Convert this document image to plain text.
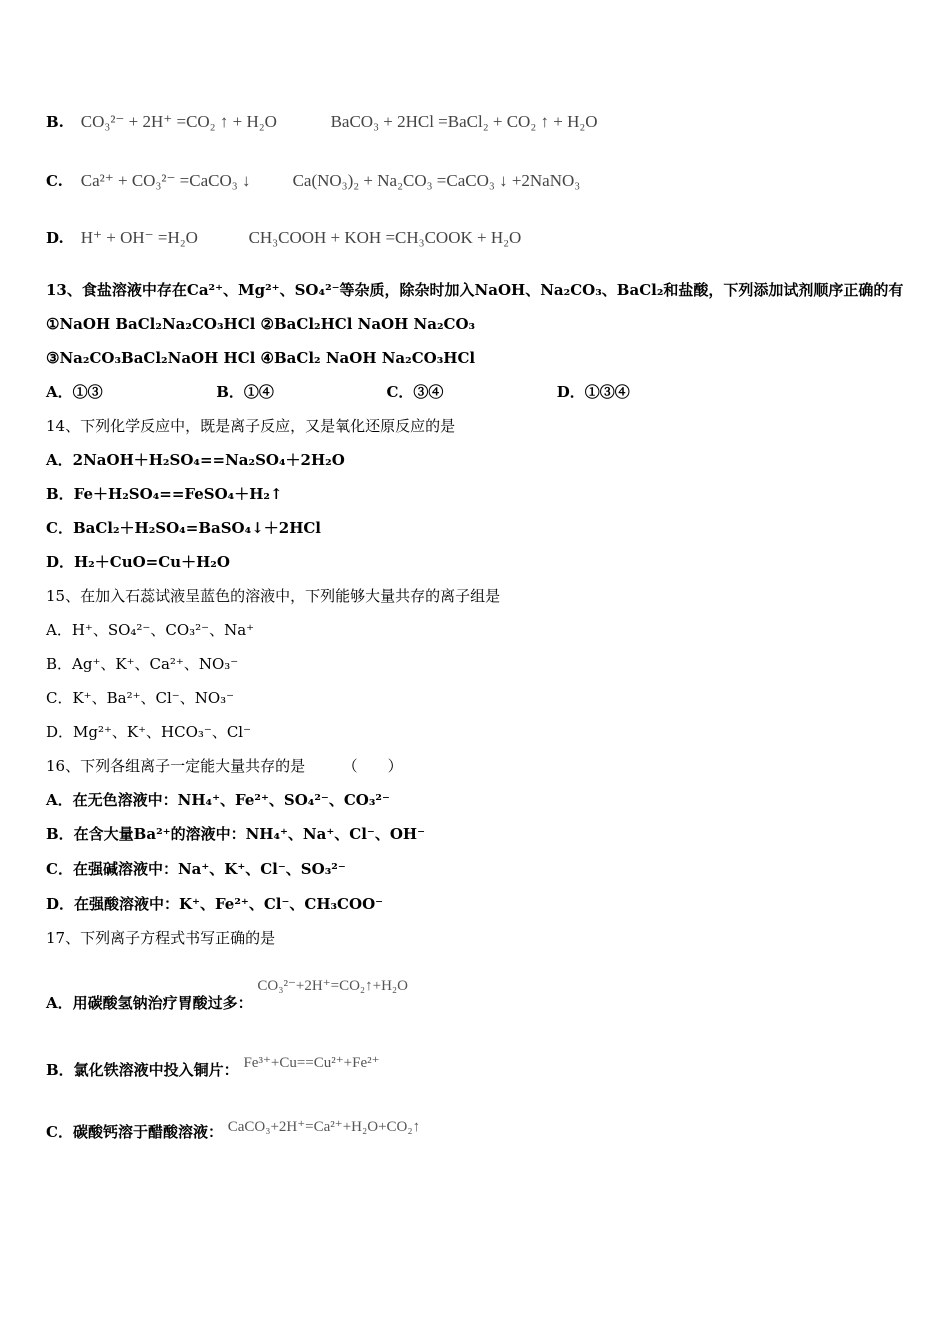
B. CO₃²⁻ + 2H⁺ =CO₂ ↑ + H₂O	BaCO₃ + 2HCl =BaCl₂ + CO₂ ↑ + H₂O
C. Ca²⁺ + CO₃²⁻ =CaCO₃ ↓ Ca(NO₃)₂ + Na₂CO₃ =CaCO₃ ↓ +2NaNO₃
D. H⁺ + OH⁻ =H₂O	CH₃COOH + KOH =CH₃COOK + H₂O
13、食盐溶液中存在Ca²⁺、Mg²⁺、SO₄²⁻等杂质，除杂时加入NaOH、Na₂CO₃、BaCl₂和盐酸，下列添加试剂顺序正确的有
①NaOH BaCl₂Na₂CO₃HCl ②BaCl₂HCl NaOH Na₂CO₃
③Na₂CO₃BaCl₂NaOH HCl ④BaCl₂ NaOH Na₂CO₃HCl
A．①③	B．①④	C．③④	D．①③④
14、下列化学反应中，既是离子反应，又是氧化还原反应的是
A．2NaOH＋H₂SO₄==Na₂SO₄＋2H₂O
B．Fe＋H₂SO₄==FeSO₄＋H₂↑
C．BaCl₂＋H₂SO₄=BaSO₄↓＋2HCl
D．H₂＋CuO=Cu＋H₂O
15、在加入石蕊试液呈蓝色的溶液中，下列能够大量共存的离子组是
A．H⁺、SO₄²⁻、CO₃²⁻、Na⁺
B．Ag⁺、K⁺、Ca²⁺、NO₃⁻
C．K⁺、Ba²⁺、Cl⁻、NO₃⁻
D．Mg²⁺、K⁺、HCO₃⁻、Cl⁻
16、下列各组离子一定能大量共存的是　　　（　　）
A．在无色溶液中：NH₄⁺、Fe²⁺、SO₄²⁻、CO₃²⁻
B．在含大量Ba²⁺的溶液中：NH₄⁺、Na⁺、Cl⁻、OH⁻
C．在强碱溶液中：Na⁺、K⁺、Cl⁻、SO₃²⁻
D．在强酸溶液中：K⁺、Fe²⁺、Cl⁻、CH₃COO⁻
17、下列离子方程式书写正确的是
A．用碳酸氢钠治疗胃酸过多： CO₃²⁻+2H⁺=CO₂↑+H₂O
B．氯化铁溶液中投入铜片： Fe³⁺+Cu==Cu²⁺+Fe²⁺
C．碳酸钙溶于醋酸溶液： CaCO₃+2H⁺=Ca²⁺+H₂O+CO₂↑
